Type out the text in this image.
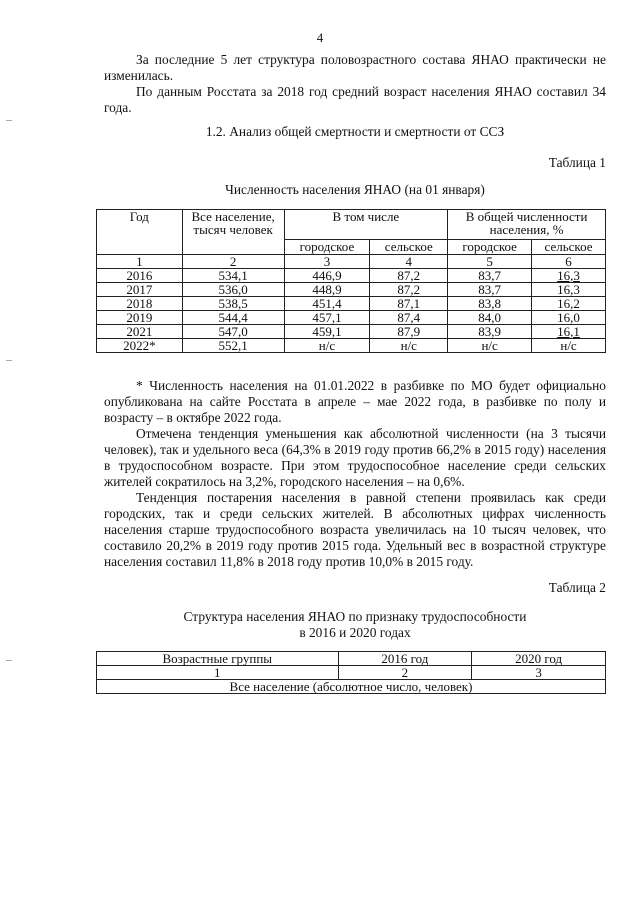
4

За последние 5 лет структура половозрастного состава ЯНАО практически не изменилась.

По данным Росстата за 2018 год средний возраст населения ЯНАО составил 34 года.

1.2. Анализ общей смертности и смертности от ССЗ

Таблица 1

Численность населения ЯНАО (на 01 января)

Год	Все население, тысяч человек	В том числе		В общей численности населения, %	
		городское	сельское	городское	сельское
1	2	3	4	5	6
2016	534,1	446,9	87,2	83,7	16,3
2017	536,0	448,9	87,2	83,7	16,3
2018	538,5	451,4	87,1	83,8	16,2
2019	544,4	457,1	87,4	84,0	16,0
2021	547,0	459,1	87,9	83,9	16,1
2022*	552,1	н/с	н/с	н/с	н/с

* Численность населения на 01.01.2022 в разбивке по МО будет официально опубликована на сайте Росстата в апреле – мае 2022 года, в разбивке по полу и возрасту – в октябре 2022 года.

Отмечена тенденция уменьшения как абсолютной численности (на 3 тысячи человек), так и удельного веса (64,3% в 2019 году против 66,2% в 2015 году) населения в трудоспособном возрасте. При этом трудоспособное население среди сельских жителей сократилось на 3,2%, городского населения – на 0,6%.

Тенденция постарения населения в равной степени проявилась как среди городских, так и среди сельских жителей. В абсолютных цифрах численность населения старше трудоспособного возраста увеличилась на 10 тысяч человек, что составило 20,2% в 2019 году против 2015 года. Удельный вес в возрастной структуре населения составил 11,8% в 2018 году против 10,0% в 2015 году.

Таблица 2

Структура населения ЯНАО по признаку трудоспособности

в 2016 и 2020 годах

Возрастные группы	2016 год	2020 год
1	2	3
Все население (абсолютное число, человек)		
